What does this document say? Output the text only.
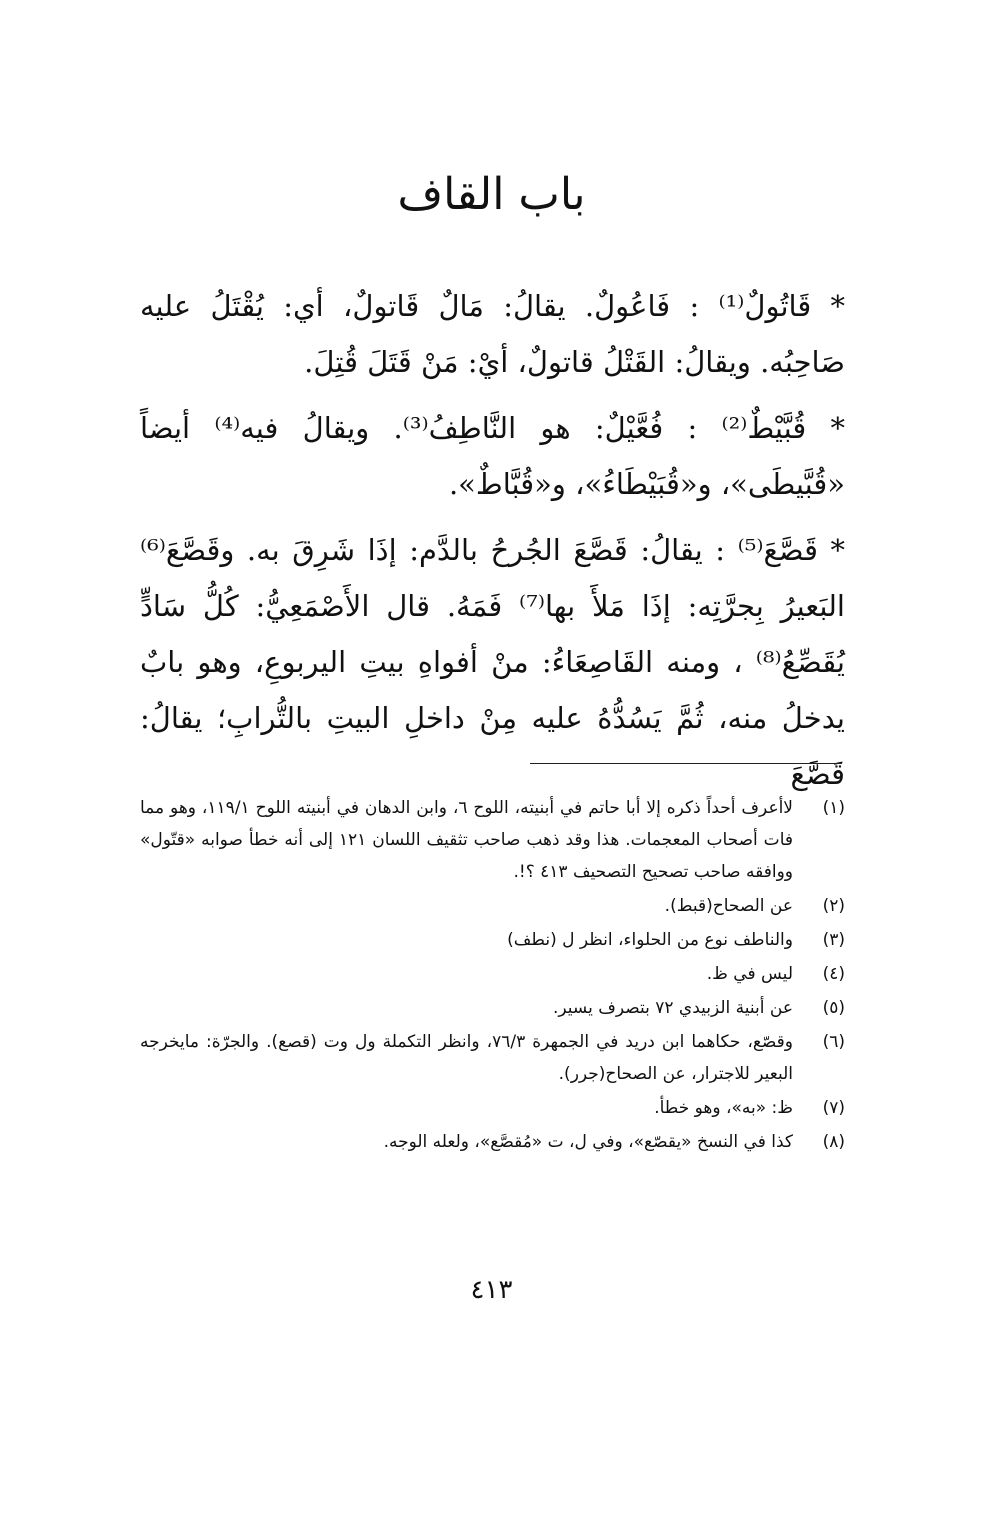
باب القاف

* قَاتُولٌ⁽¹⁾ : فَاعُولٌ. يقالُ: مَالٌ قَاتولٌ، أي: يُقْتَلُ عليه صَاحِبُه. ويقالُ: القَتْلُ قاتولٌ، أيْ: مَنْ قَتَلَ قُتِلَ.

* قُبَّيْطٌ⁽²⁾ : فُعَّيْلٌ: هو النَّاطِفُ⁽³⁾. ويقالُ فيه⁽⁴⁾ أيضاً «قُبَّيطَى»، و«قُبَيْطَاءُ»، و«قُبَّاطٌ».

* قَصَّعَ⁽⁵⁾ : يقالُ: قَصَّعَ الجُرحُ بالدَّم: إذَا شَرِقَ به. وقَصَّعَ⁽⁶⁾ البَعيرُ بِجرَّتِه: إذَا مَلأَ بها⁽⁷⁾ فَمَهُ. قال الأَصْمَعِيُّ: كُلُّ سَادٍّ يُقَصِّعُ⁽⁸⁾ ، ومنه القَاصِعَاءُ: منْ أفواهِ بيتِ اليربوعِ، وهو بابٌ يدخلُ منه، ثُمَّ يَسُدُّهُ عليه مِنْ داخلِ البيتِ بالتُّرابِ؛ يقالُ: قَصَّعَ

(١)
لاأعرف أحداً ذكره إلا أبا حاتم في أبنيته، اللوح ٦، وابن الدهان في أبنيته اللوح ١١٩/١، وهو مما فات أصحاب المعجمات. هذا وقد ذهب صاحب تثقيف اللسان ١٢١ إلى أنه خطأ صوابه «قتّول» ووافقه صاحب تصحيح التصحيف ٤١٣ ؟!.
(٢)
عن الصحاح(قبط).
(٣)
والناطف نوع من الحلواء، انظر ل (نطف)
(٤)
ليس في ظ.
(٥)
عن أبنية الزبيدي ٧٢ بتصرف يسير.
(٦)
وقصّع، حكاهما ابن دريد في الجمهرة ٧٦/٣، وانظر التكملة ول وت (قصع). والجرّة: مايخرجه البعير للاجترار، عن الصحاح(جرر).
(٧)
ظ: «به»، وهو خطأ.
(٨)
كذا في النسخ «يقصّع»، وفي ل، ت «مُقصَّع»، ولعله الوجه.
٤١٣
